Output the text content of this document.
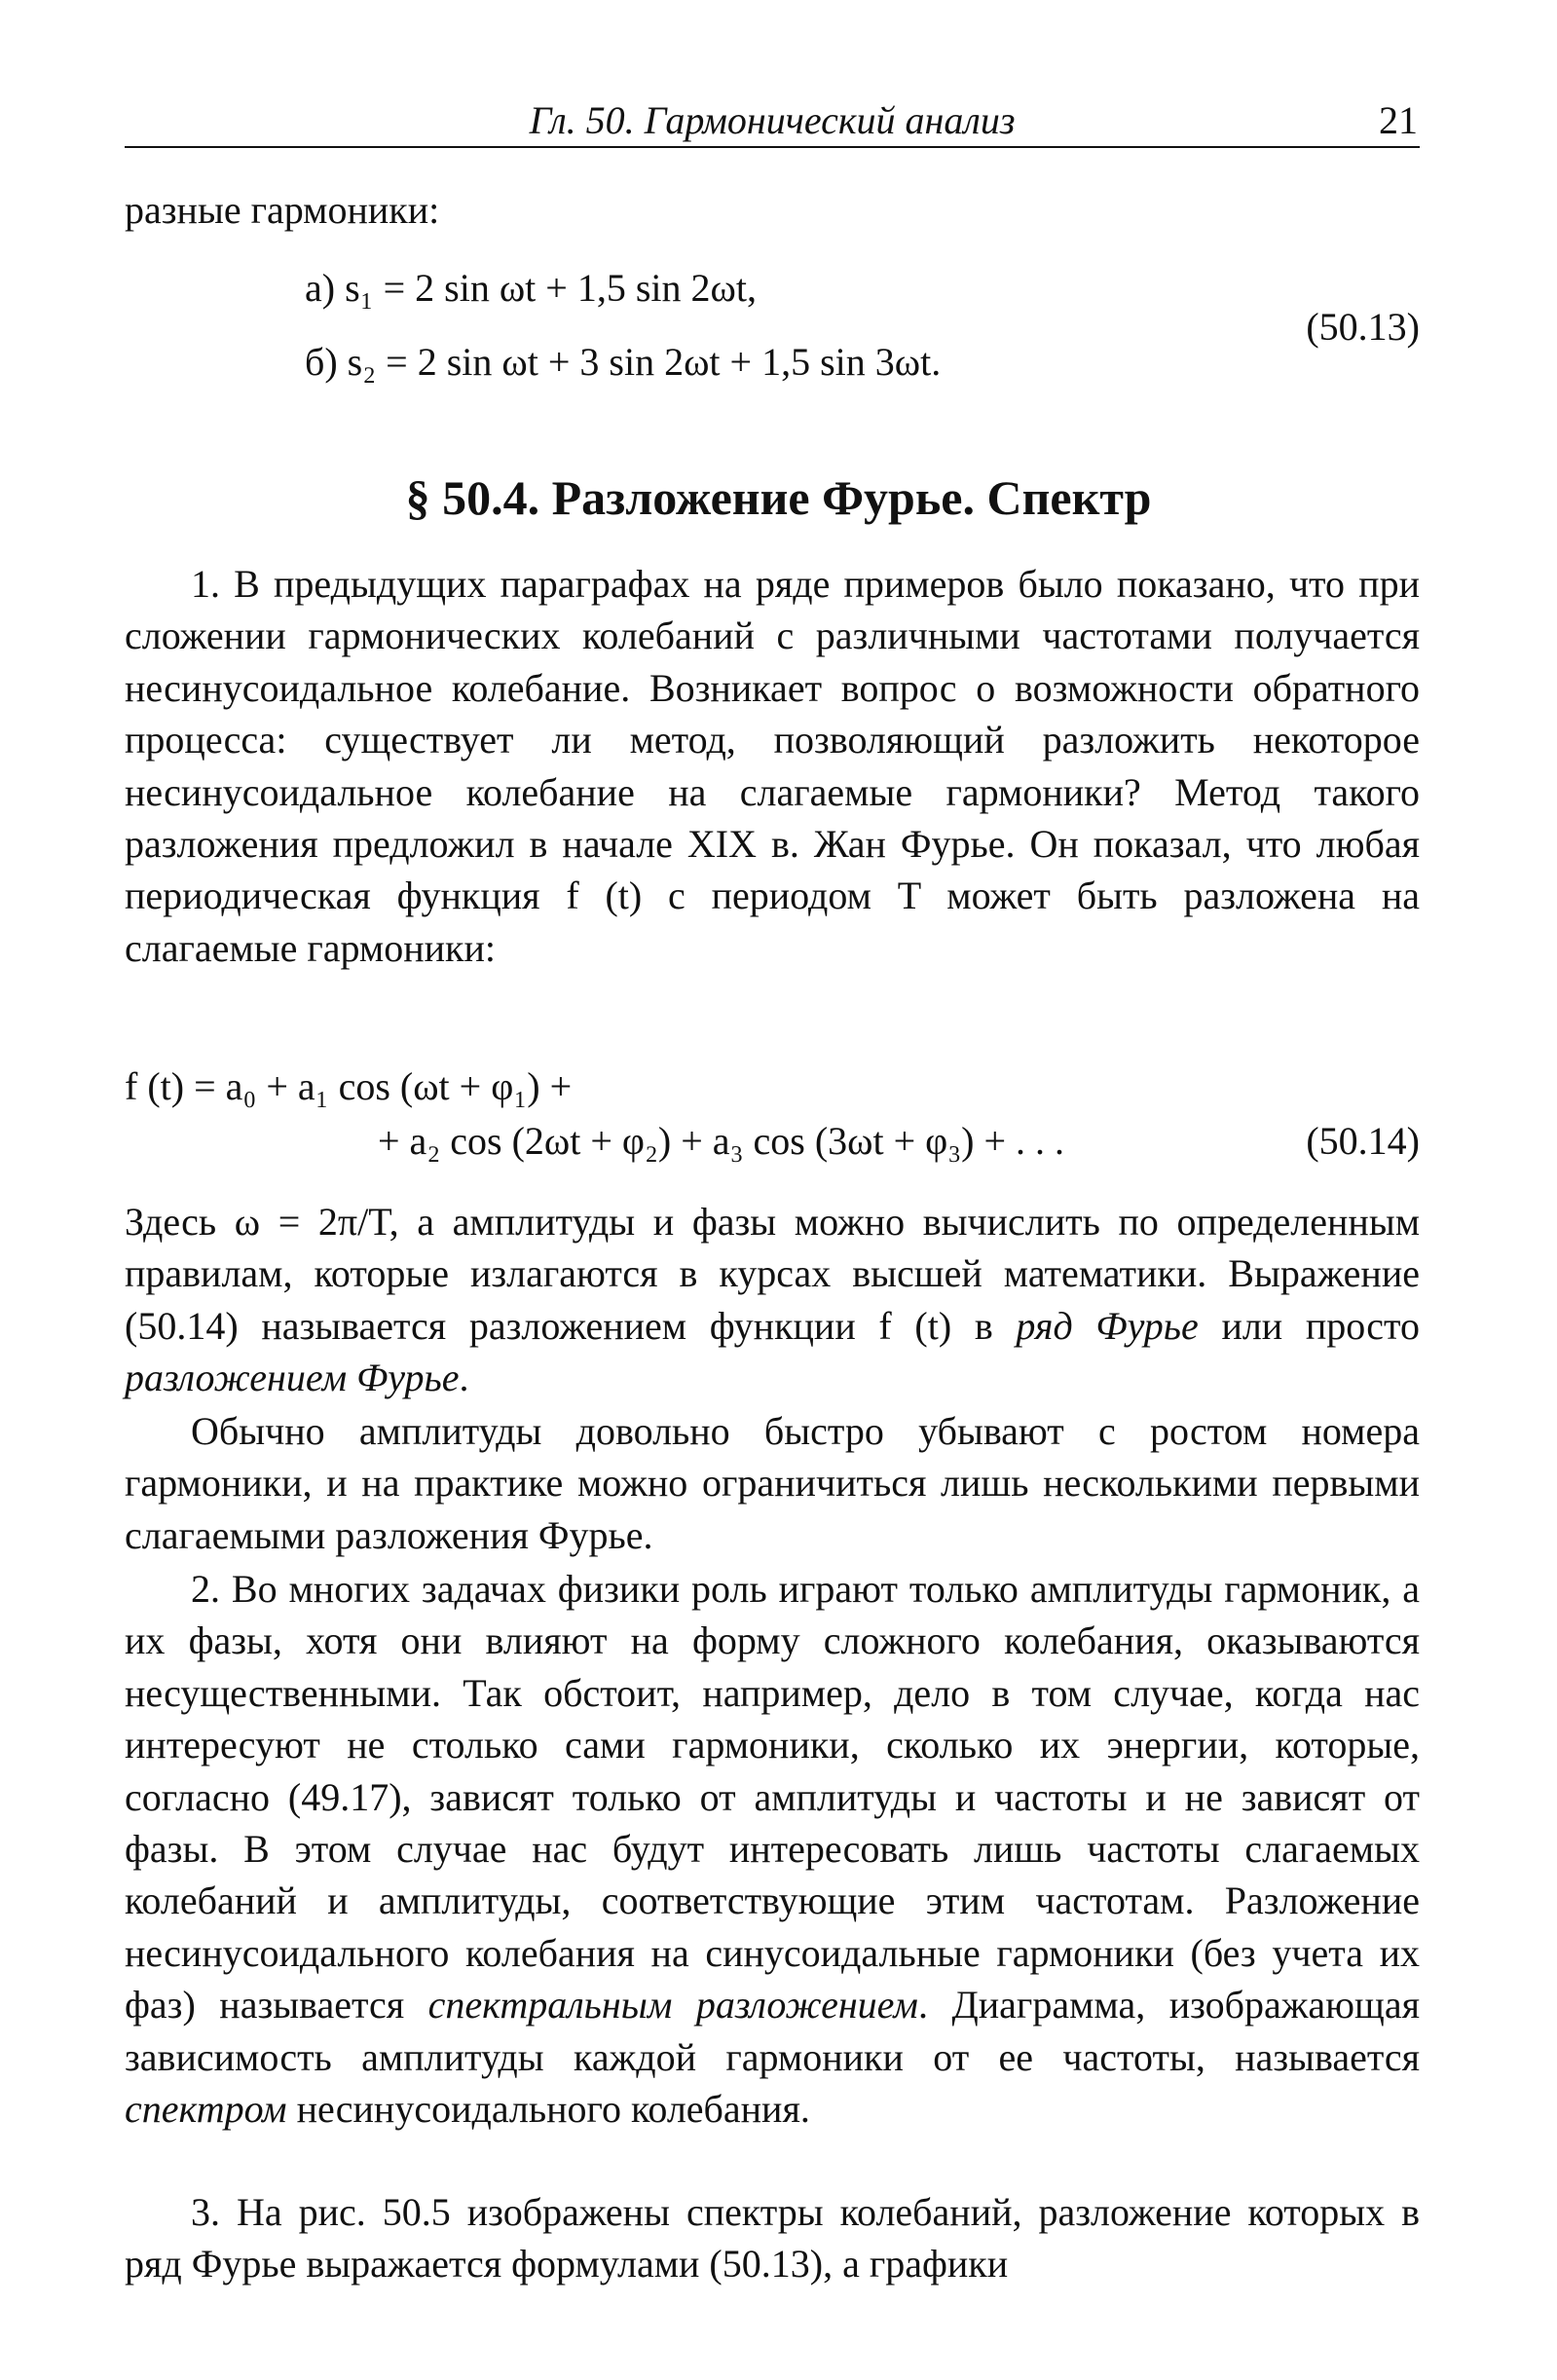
Гл. 50. Гармонический анализ	21
разные гармоники:
а) s₁ = 2 sin ωt + 1,5 sin 2ωt,
б) s₂ = 2 sin ωt + 3 sin 2ωt + 1,5 sin 3ωt.
(50.13)
§ 50.4. Разложение Фурье. Спектр
1. В предыдущих параграфах на ряде примеров было показано, что при сложении гармонических колебаний с различными частотами получается несинусоидальное колебание. Возникает вопрос о возможности обратного процесса: существует ли метод, позволяющий разложить некоторое несинусоидальное колебание на слагаемые гармоники? Метод такого разложения предложил в начале XIX в. Жан Фурье. Он показал, что любая периодическая функция f (t) с периодом T может быть разложена на слагаемые гармоники:
f (t) = a₀ + a₁ cos (ωt + φ₁) +
+ a₂ cos (2ωt + φ₂) + a₃ cos (3ωt + φ₃) + . . .	(50.14)
Здесь ω = 2π/T, а амплитуды и фазы можно вычислить по определенным правилам, которые излагаются в курсах высшей математики. Выражение (50.14) называется разложением функции f (t) в ряд Фурье или просто разложением Фурье.
Обычно амплитуды довольно быстро убывают с ростом номера гармоники, и на практике можно ограничиться лишь несколькими первыми слагаемыми разложения Фурье.
2. Во многих задачах физики роль играют только амплитуды гармоник, а их фазы, хотя они влияют на форму сложного колебания, оказываются несущественными. Так обстоит, например, дело в том случае, когда нас интересуют не столько сами гармоники, сколько их энергии, которые, согласно (49.17), зависят только от амплитуды и частоты и не зависят от фазы. В этом случае нас будут интересовать лишь частоты слагаемых колебаний и амплитуды, соответствующие этим частотам. Разложение несинусоидального колебания на синусоидальные гармоники (без учета их фаз) называется спектральным разложением. Диаграмма, изображающая зависимость амплитуды каждой гармоники от ее частоты, называется спектром несинусоидального колебания.
3. На рис. 50.5 изображены спектры колебаний, разложение которых в ряд Фурье выражается формулами (50.13), а графики
